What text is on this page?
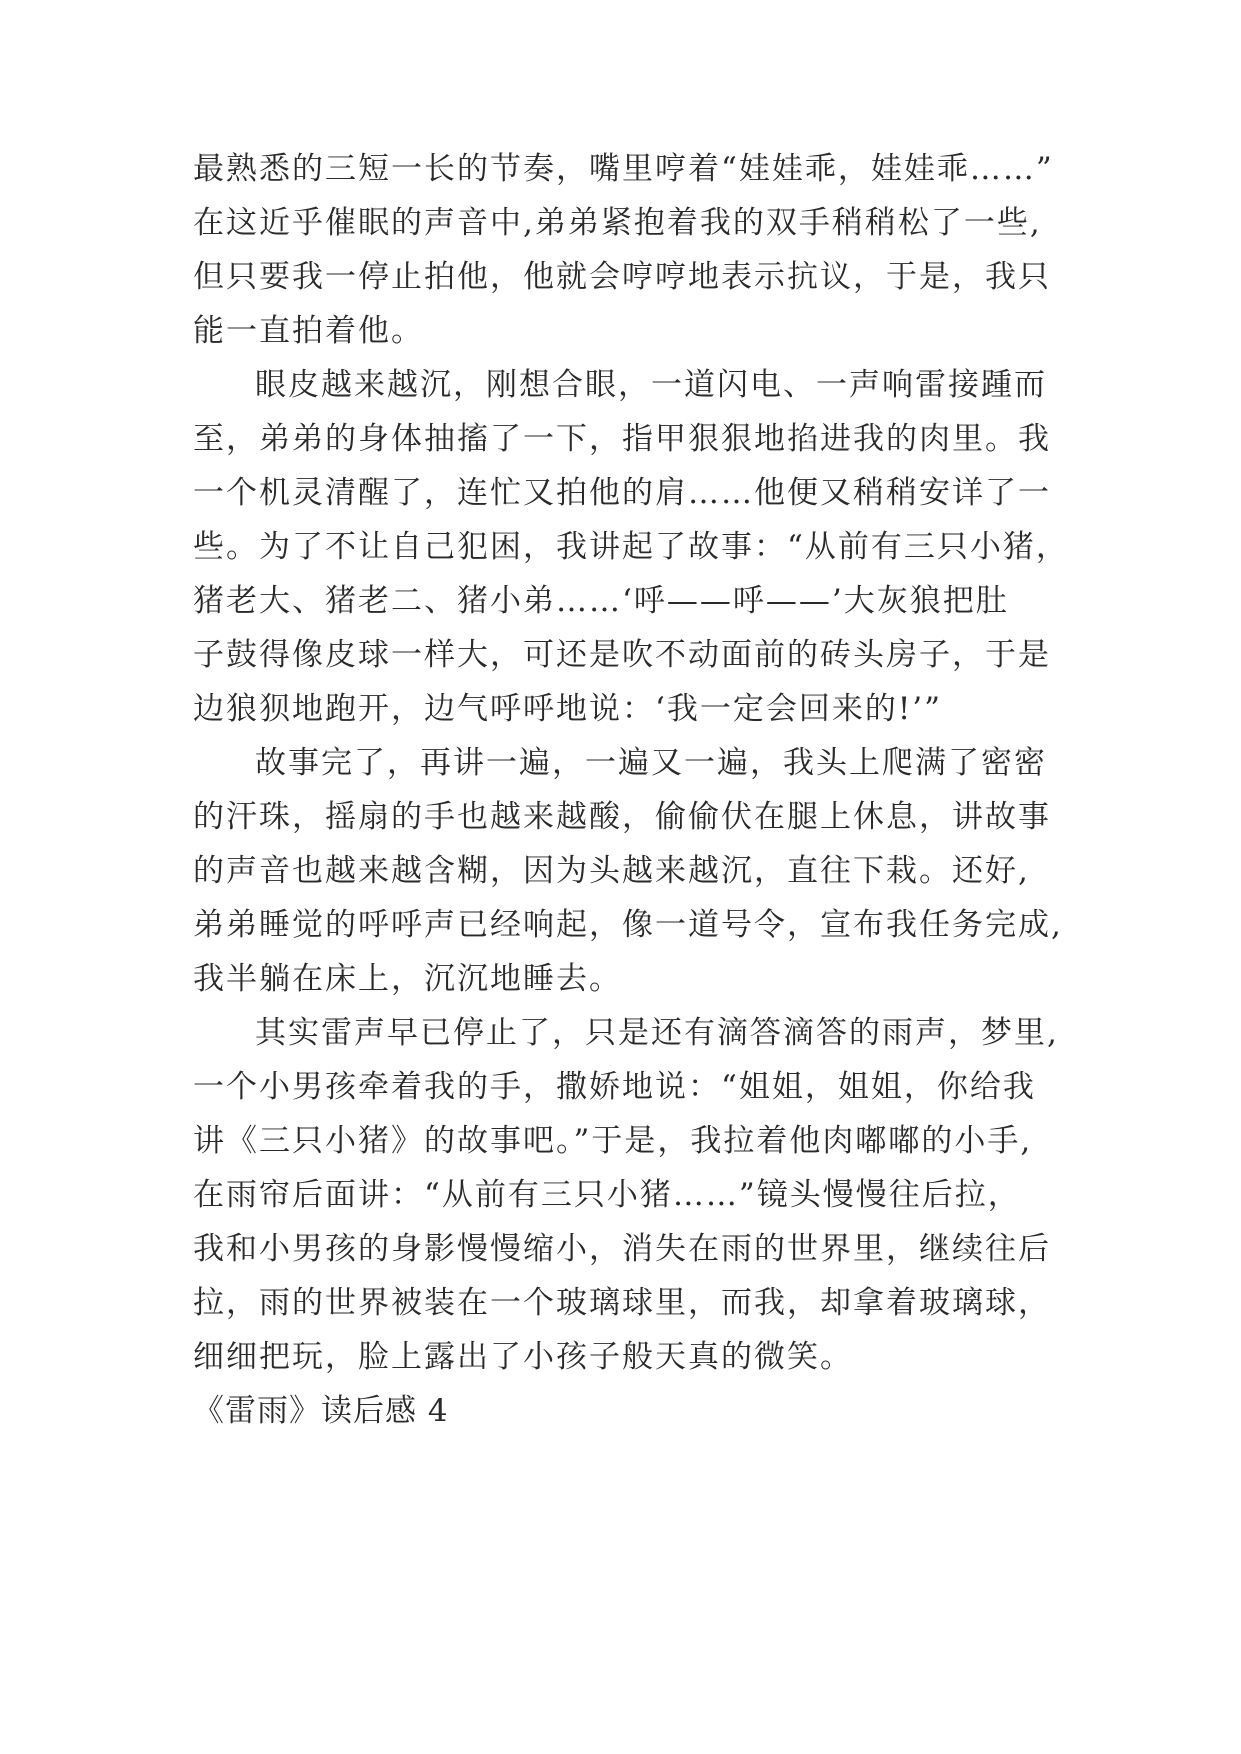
最熟悉的三短一长的节奏，嘴里哼着“娃娃乖，娃娃乖……”
在这近乎催眠的声音中,弟弟紧抱着我的双手稍稍松了一些,
但只要我一停止拍他，他就会哼哼地表示抗议，于是，我只
能一直拍着他。
眼皮越来越沉，刚想合眼，一道闪电、一声响雷接踵而
至，弟弟的身体抽搐了一下，指甲狠狠地掐进我的肉里。我
一个机灵清醒了，连忙又拍他的肩……他便又稍稍安详了一
些。为了不让自己犯困，我讲起了故事：“从前有三只小猪，
猪老大、猪老二、猪小弟……‘呼——呼——’大灰狼把肚
子鼓得像皮球一样大，可还是吹不动面前的砖头房子，于是
边狼狈地跑开，边气呼呼地说：‘我一定会回来的!’”
故事完了，再讲一遍，一遍又一遍，我头上爬满了密密
的汗珠，摇扇的手也越来越酸，偷偷伏在腿上休息，讲故事
的声音也越来越含糊，因为头越来越沉，直往下栽。还好,
弟弟睡觉的呼呼声已经响起，像一道号令，宣布我任务完成,
我半躺在床上，沉沉地睡去。
其实雷声早已停止了，只是还有滴答滴答的雨声，梦里,
一个小男孩牵着我的手，撒娇地说：“姐姐，姐姐，你给我
讲《三只小猪》的故事吧。”于是，我拉着他肉嘟嘟的小手,
在雨帘后面讲：“从前有三只小猪……”镜头慢慢往后拉，
我和小男孩的身影慢慢缩小，消失在雨的世界里，继续往后
拉，雨的世界被装在一个玻璃球里，而我，却拿着玻璃球，
细细把玩，脸上露出了小孩子般天真的微笑。
《雷雨》读后感 4
